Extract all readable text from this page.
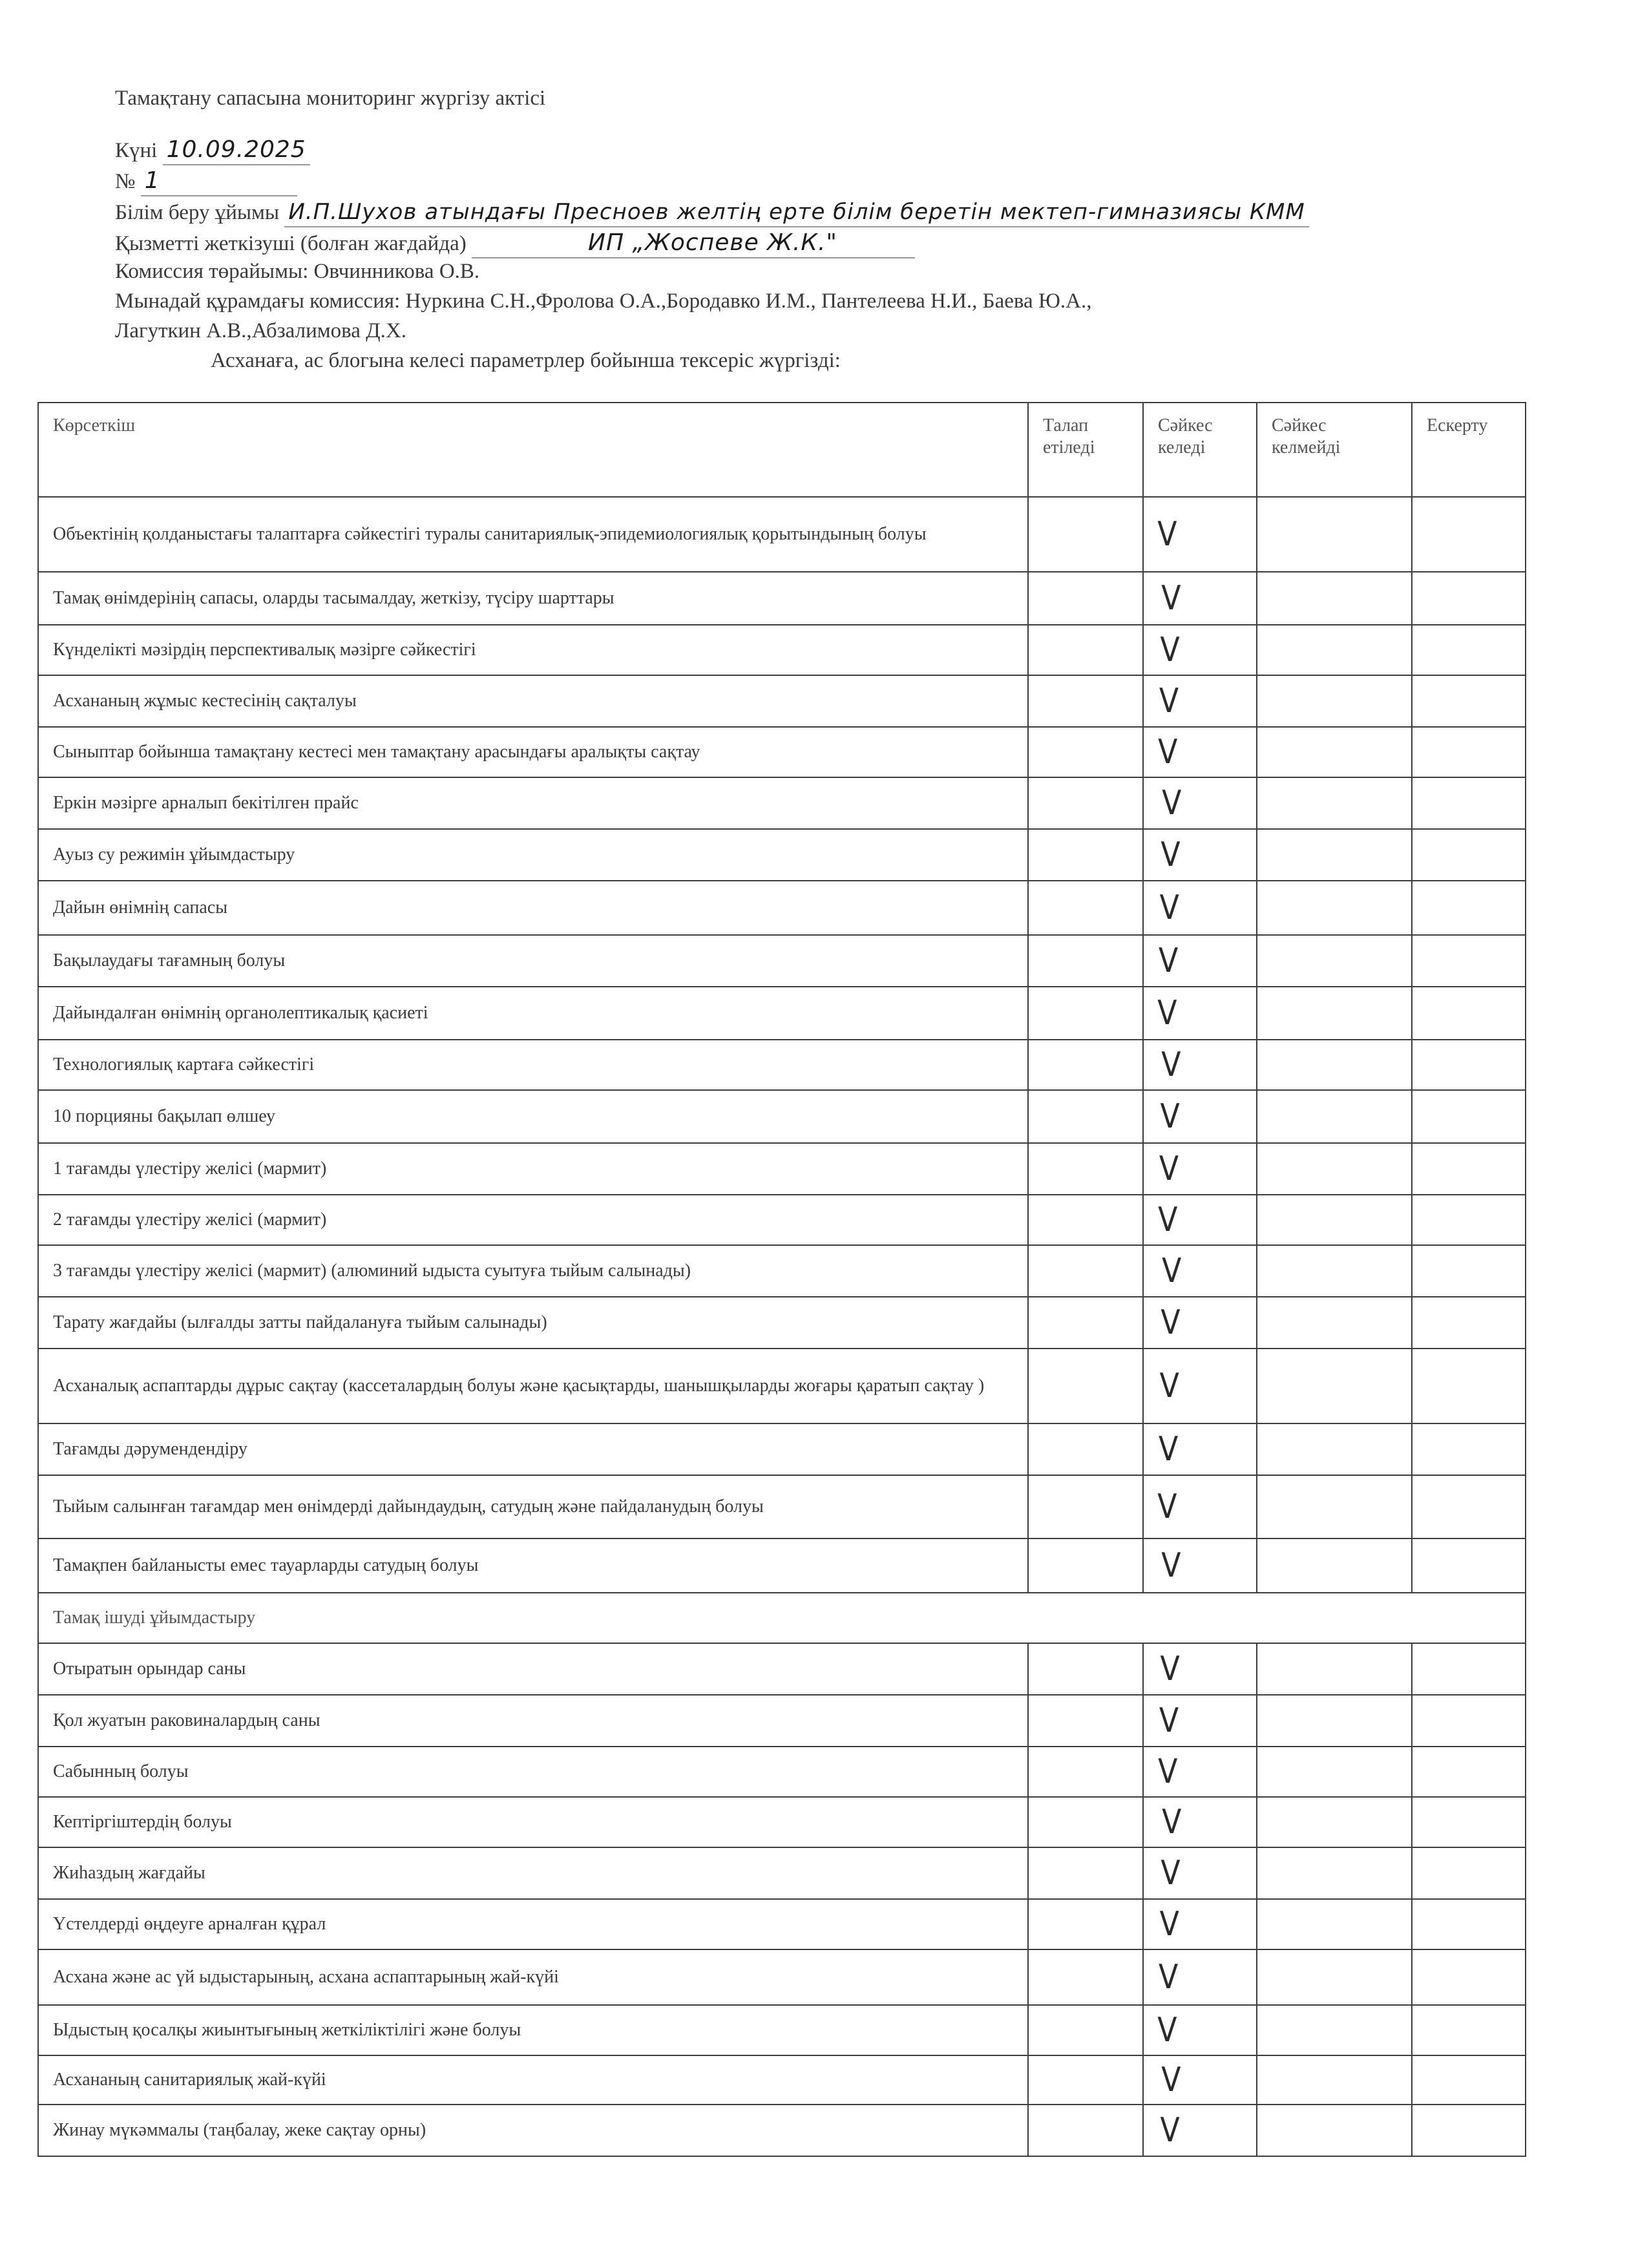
Тамақтану сапасына мониторинг жүргізу актісі
Күні 10.09.2025
№ 1
Білім беру ұйымы И.П.Шухов атындағы Пресноев желтің ерте білім беретін мектеп-гимназиясы КММ
Қызметті жеткізуші (болған жағдайда)	ИП „Жоспеве Ж.К."
Комиссия төрайымы: Овчинникова О.В.
Мынадай құрамдағы комиссия: Нуркина С.Н.,Фролова О.А.,Бородавко И.М., Пантелеева Н.И., Баева Ю.А.,
Лагуткин А.В.,Абзалимова Д.Х.
Асханаға, ас блогына келесі параметрлер бойынша тексеріс жүргізді:
Көрсеткіш	Талап етіледі	Сәйкес келеді	Сәйкес келмейді	Ескерту
Объектінің қолданыстағы талаптарға сәйкестігі туралы санитариялық-эпидемиологиялық қорытындының болуы		V		
Тамақ өнімдерінің сапасы, оларды тасымалдау, жеткізу, түсіру шарттары		V		
Күнделікті мәзірдің перспективалық мәзірге сәйкестігі		V		
Асхананың жұмыс кестесінің сақталуы		V		
Сыныптар бойынша тамақтану кестесі мен тамақтану арасындағы аралықты сақтау		V		
Еркін мәзірге арналып бекітілген прайс		V		
Ауыз су режимін ұйымдастыру		V		
Дайын өнімнің сапасы		V		
Бақылаудағы тағамның болуы		V		
Дайындалған өнімнің органолептикалық қасиеті		V		
Технологиялық картаға сәйкестігі		V		
10 порцияны бақылап өлшеу		V		
1 тағамды үлестіру желісі (мармит)		V		
2 тағамды үлестіру желісі (мармит)		V		
3 тағамды үлестіру желісі (мармит) (алюминий ыдыста суытуға тыйым салынады)		V		
Тарату жағдайы (ылғалды затты пайдалануға тыйым салынады)		V		
Асханалық аспаптарды дұрыс сақтау (кассеталардың болуы және қасықтарды, шанышқыларды жоғары қаратып сақтау )		V		
Тағамды дәрумендендіру		V		
Тыйым салынған тағамдар мен өнімдерді дайындаудың, сатудың және пайдаланудың болуы		V		
Тамақпен байланысты емес тауарларды сатудың болуы		V		
Тамақ ішуді ұйымдастыру				
Отыратын орындар саны		V		
Қол жуатын раковиналардың саны		V		
Сабынның болуы		V		
Кептіргіштердің болуы		V		
Жиһаздың жағдайы		V		
Үстелдерді өңдеуге арналған құрал		V		
Асхана және ас үй ыдыстарының, асхана аспаптарының жай-күйі		V		
Ыдыстың қосалқы жиынтығының жеткіліктілігі және болуы		V		
Асхананың санитариялық жай-күйі		V		
Жинау мүкәммалы (таңбалау, жеке сақтау орны)		V		
